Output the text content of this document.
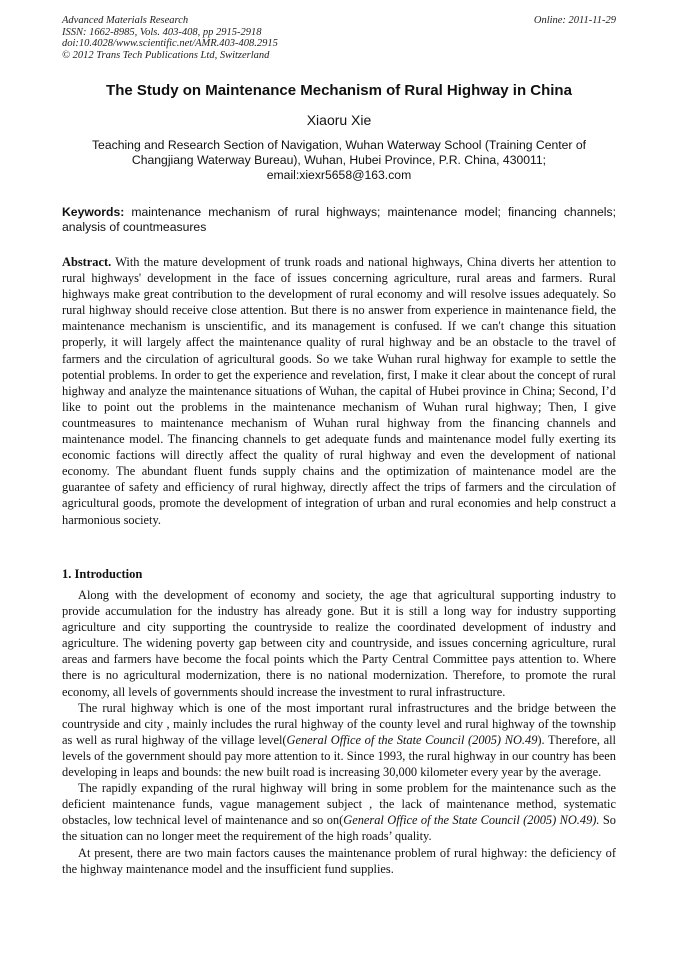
Advanced Materials Research
ISSN: 1662-8985, Vols. 403-408, pp 2915-2918
doi:10.4028/www.scientific.net/AMR.403-408.2915
© 2012 Trans Tech Publications Ltd, Switzerland
Online: 2011-11-29
The Study on Maintenance Mechanism of Rural Highway in China
Xiaoru Xie
Teaching and Research Section of Navigation, Wuhan Waterway School (Training Center of
Changjiang Waterway Bureau), Wuhan, Hubei Province, P.R. China, 430011;
email:xiexr5658@163.com
Keywords: maintenance mechanism of rural highways; maintenance model; financing channels; analysis of countmeasures
Abstract. With the mature development of trunk roads and national highways, China diverts her attention to rural highways' development in the face of issues concerning agriculture, rural areas and farmers. Rural highways make great contribution to the development of rural economy and will resolve issues adequately. So rural highway should receive close attention. But there is no answer from experience in maintenance field, the maintenance mechanism is unscientific, and its management is confused. If we can't change this situation properly, it will largely affect the maintenance quality of rural highway and be an obstacle to the travel of farmers and the circulation of agricultural goods. So we take Wuhan rural highway for example to settle the potential problems. In order to get the experience and revelation, first, I make it clear about the concept of rural highway and analyze the maintenance situations of Wuhan, the capital of Hubei province in China; Second, I’d like to point out the problems in the maintenance mechanism of Wuhan rural highway; Then, I give countmeasures to maintenance mechanism of Wuhan rural highway from the financing channels and maintenance model. The financing channels to get adequate funds and maintenance model fully exerting its economic factions will directly affect the quality of rural highway and even the development of national economy. The abundant fluent funds supply chains and the optimization of maintenance model are the guarantee of safety and efficiency of rural highway, directly affect the trips of farmers and the circulation of agricultural goods, promote the development of integration of urban and rural economies and help construct a harmonious society.
1. Introduction

Along with the development of economy and society, the age that agricultural supporting industry to provide accumulation for the industry has already gone. But it is still a long way for industry supporting agriculture and city supporting the countryside to realize the coordinated development of industry and agriculture. The widening poverty gap between city and countryside, and issues concerning agriculture, rural areas and farmers have become the focal points which the Party Central Committee pays attention to. Where there is no agricultural modernization, there is no national modernization. Therefore, to promote the rural economy, all levels of governments should increase the investment to rural infrastructure.

The rural highway which is one of the most important rural infrastructures and the bridge between the countryside and city , mainly includes the rural highway of the county level and rural highway of the township as well as rural highway of the village level(General Office of the State Council (2005) NO.49). Therefore, all levels of the government should pay more attention to it. Since 1993, the rural highway in our country has been developing in leaps and bounds: the new built road is increasing 30,000 kilometer every year by the average.

The rapidly expanding of the rural highway will bring in some problem for the maintenance such as the deficient maintenance funds, vague management subject , the lack of maintenance method, systematic obstacles, low technical level of maintenance and so on(General Office of the State Council (2005) NO.49). So the situation can no longer meet the requirement of the high roads’ quality.

At present, there are two main factors causes the maintenance problem of rural highway: the deficiency of the highway maintenance model and the insufficient fund supplies.
